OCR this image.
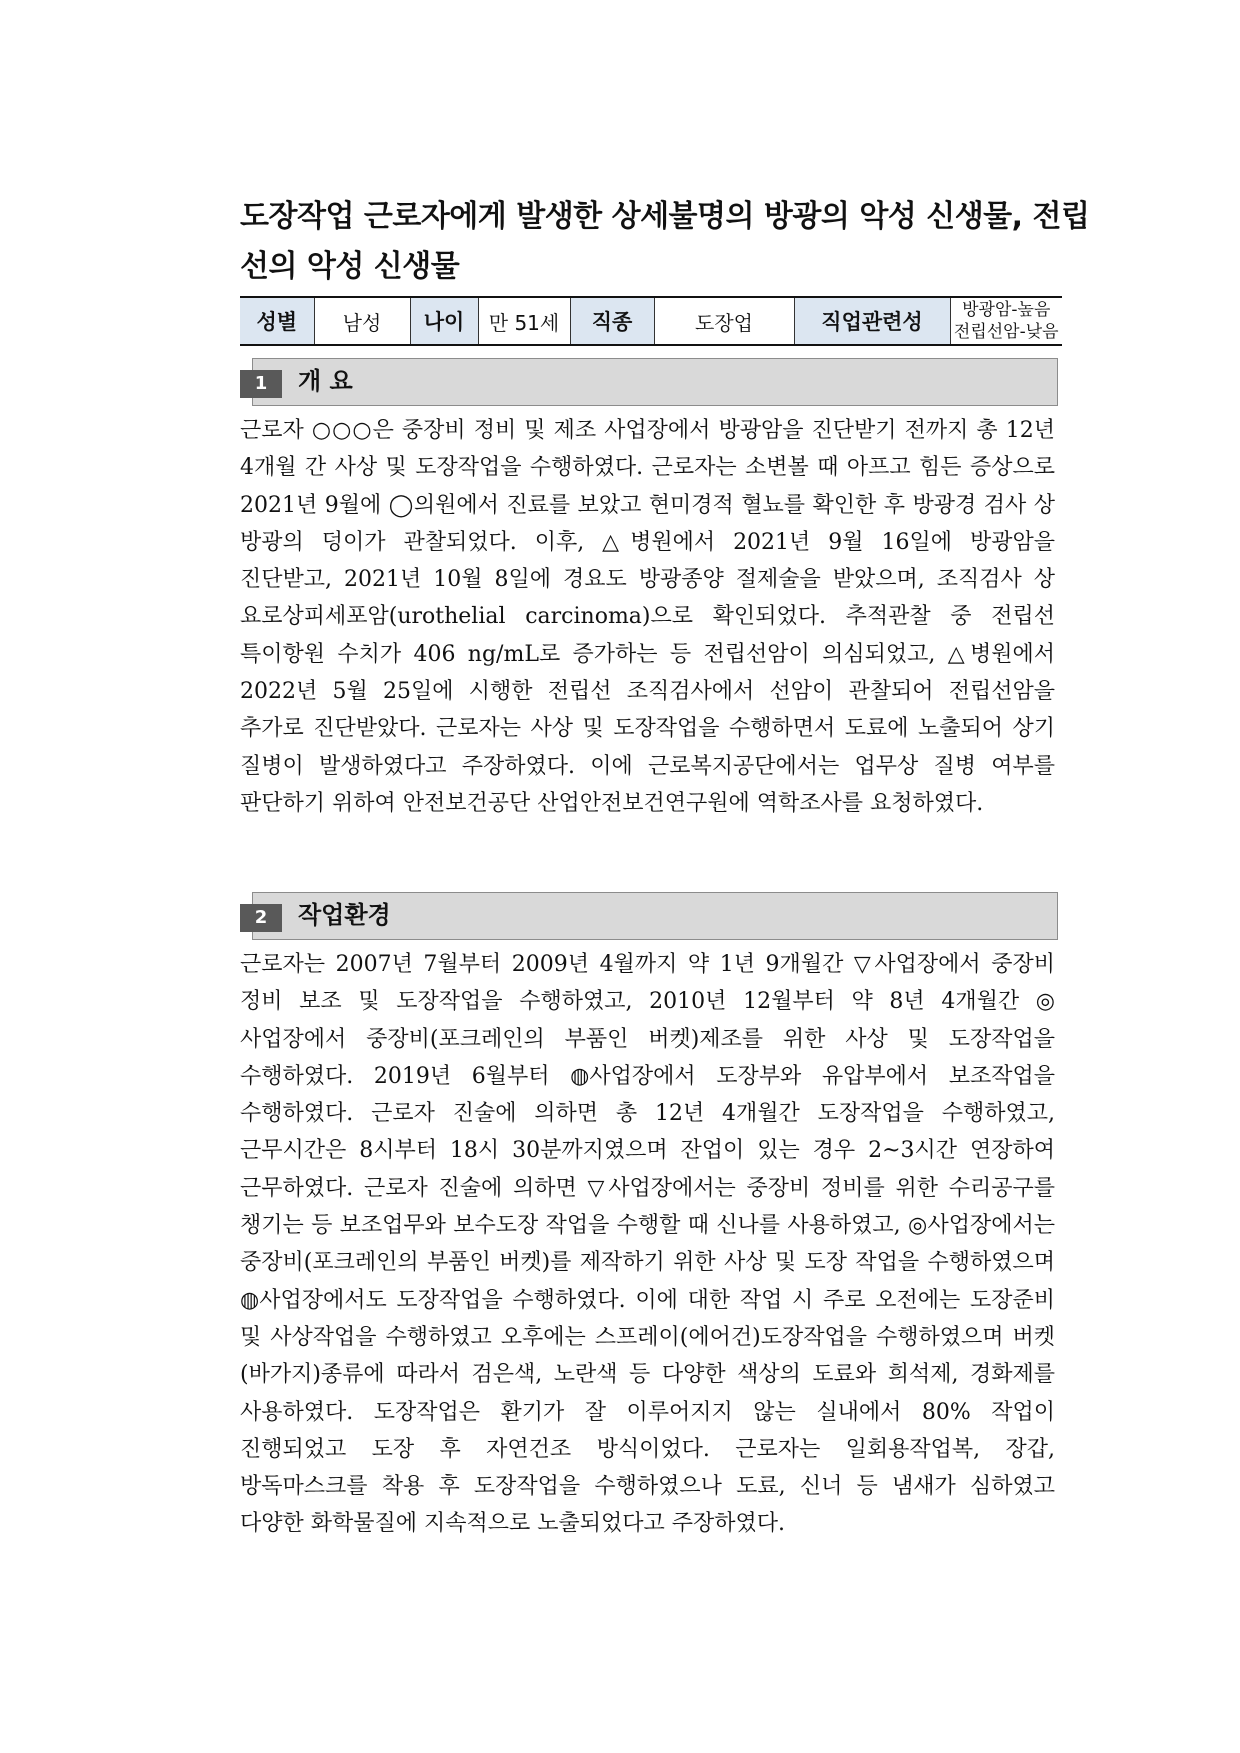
도장작업 근로자에게 발생한 상세불명의 방광의 악성 신생물, 전립선의 악성 신생물
성별	남성	나이	만 51세	직종	도장업	직업관련성	방광암-높음
전립선암-낮음
1	개 요

근로자 ○○○은 중장비 정비 및 제조 사업장에서 방광암을 진단받기 전까지 총 12년 4개월 간 사상 및 도장작업을 수행하였다. 근로자는 소변볼 때 아프고 힘든 증상으로 2021년 9월에 ◯의원에서 진료를 보았고 현미경적 혈뇨를 확인한 후 방광경 검사 상 방광의 덩이가 관찰되었다. 이후, △병원에서 2021년 9월 16일에 방광암을 진단받고, 2021년 10월 8일에 경요도 방광종양 절제술을 받았으며, 조직검사 상 요로상피세포암(urothelial carcinoma)으로 확인되었다. 추적관찰 중 전립선 특이항원 수치가 406 ng/mL로 증가하는 등 전립선암이 의심되었고, △병원에서 2022년 5월 25일에 시행한 전립선 조직검사에서 선암이 관찰되어 전립선암을 추가로 진단받았다. 근로자는 사상 및 도장작업을 수행하면서 도료에 노출되어 상기 질병이 발생하였다고 주장하였다. 이에 근로복지공단에서는 업무상 질병 여부를 판단하기 위하여 안전보건공단 산업안전보건연구원에 역학조사를 요청하였다.

2	작업환경

근로자는 2007년 7월부터 2009년 4월까지 약 1년 9개월간 ▽사업장에서 중장비 정비 보조 및 도장작업을 수행하였고, 2010년 12월부터 약 8년 4개월간 ◎사업장에서 중장비(포크레인의 부품인 버켓)제조를 위한 사상 및 도장작업을 수행하였다. 2019년 6월부터 ◍사업장에서 도장부와 유압부에서 보조작업을 수행하였다. 근로자 진술에 의하면 총 12년 4개월간 도장작업을 수행하였고, 근무시간은 8시부터 18시 30분까지였으며 잔업이 있는 경우 2~3시간 연장하여 근무하였다. 근로자 진술에 의하면 ▽사업장에서는 중장비 정비를 위한 수리공구를 챙기는 등 보조업무와 보수도장 작업을 수행할 때 신나를 사용하였고, ◎사업장에서는 중장비(포크레인의 부품인 버켓)를 제작하기 위한 사상 및 도장 작업을 수행하였으며 ◍사업장에서도 도장작업을 수행하였다. 이에 대한 작업 시 주로 오전에는 도장준비 및 사상작업을 수행하였고 오후에는 스프레이(에어건)도장작업을 수행하였으며 버켓(바가지)종류에 따라서 검은색, 노란색 등 다양한 색상의 도료와 희석제, 경화제를 사용하였다. 도장작업은 환기가 잘 이루어지지 않는 실내에서 80% 작업이 진행되었고 도장 후 자연건조 방식이었다. 근로자는 일회용작업복, 장갑, 방독마스크를 착용 후 도장작업을 수행하였으나 도료, 신너 등 냄새가 심하였고 다양한 화학물질에 지속적으로 노출되었다고 주장하였다.
